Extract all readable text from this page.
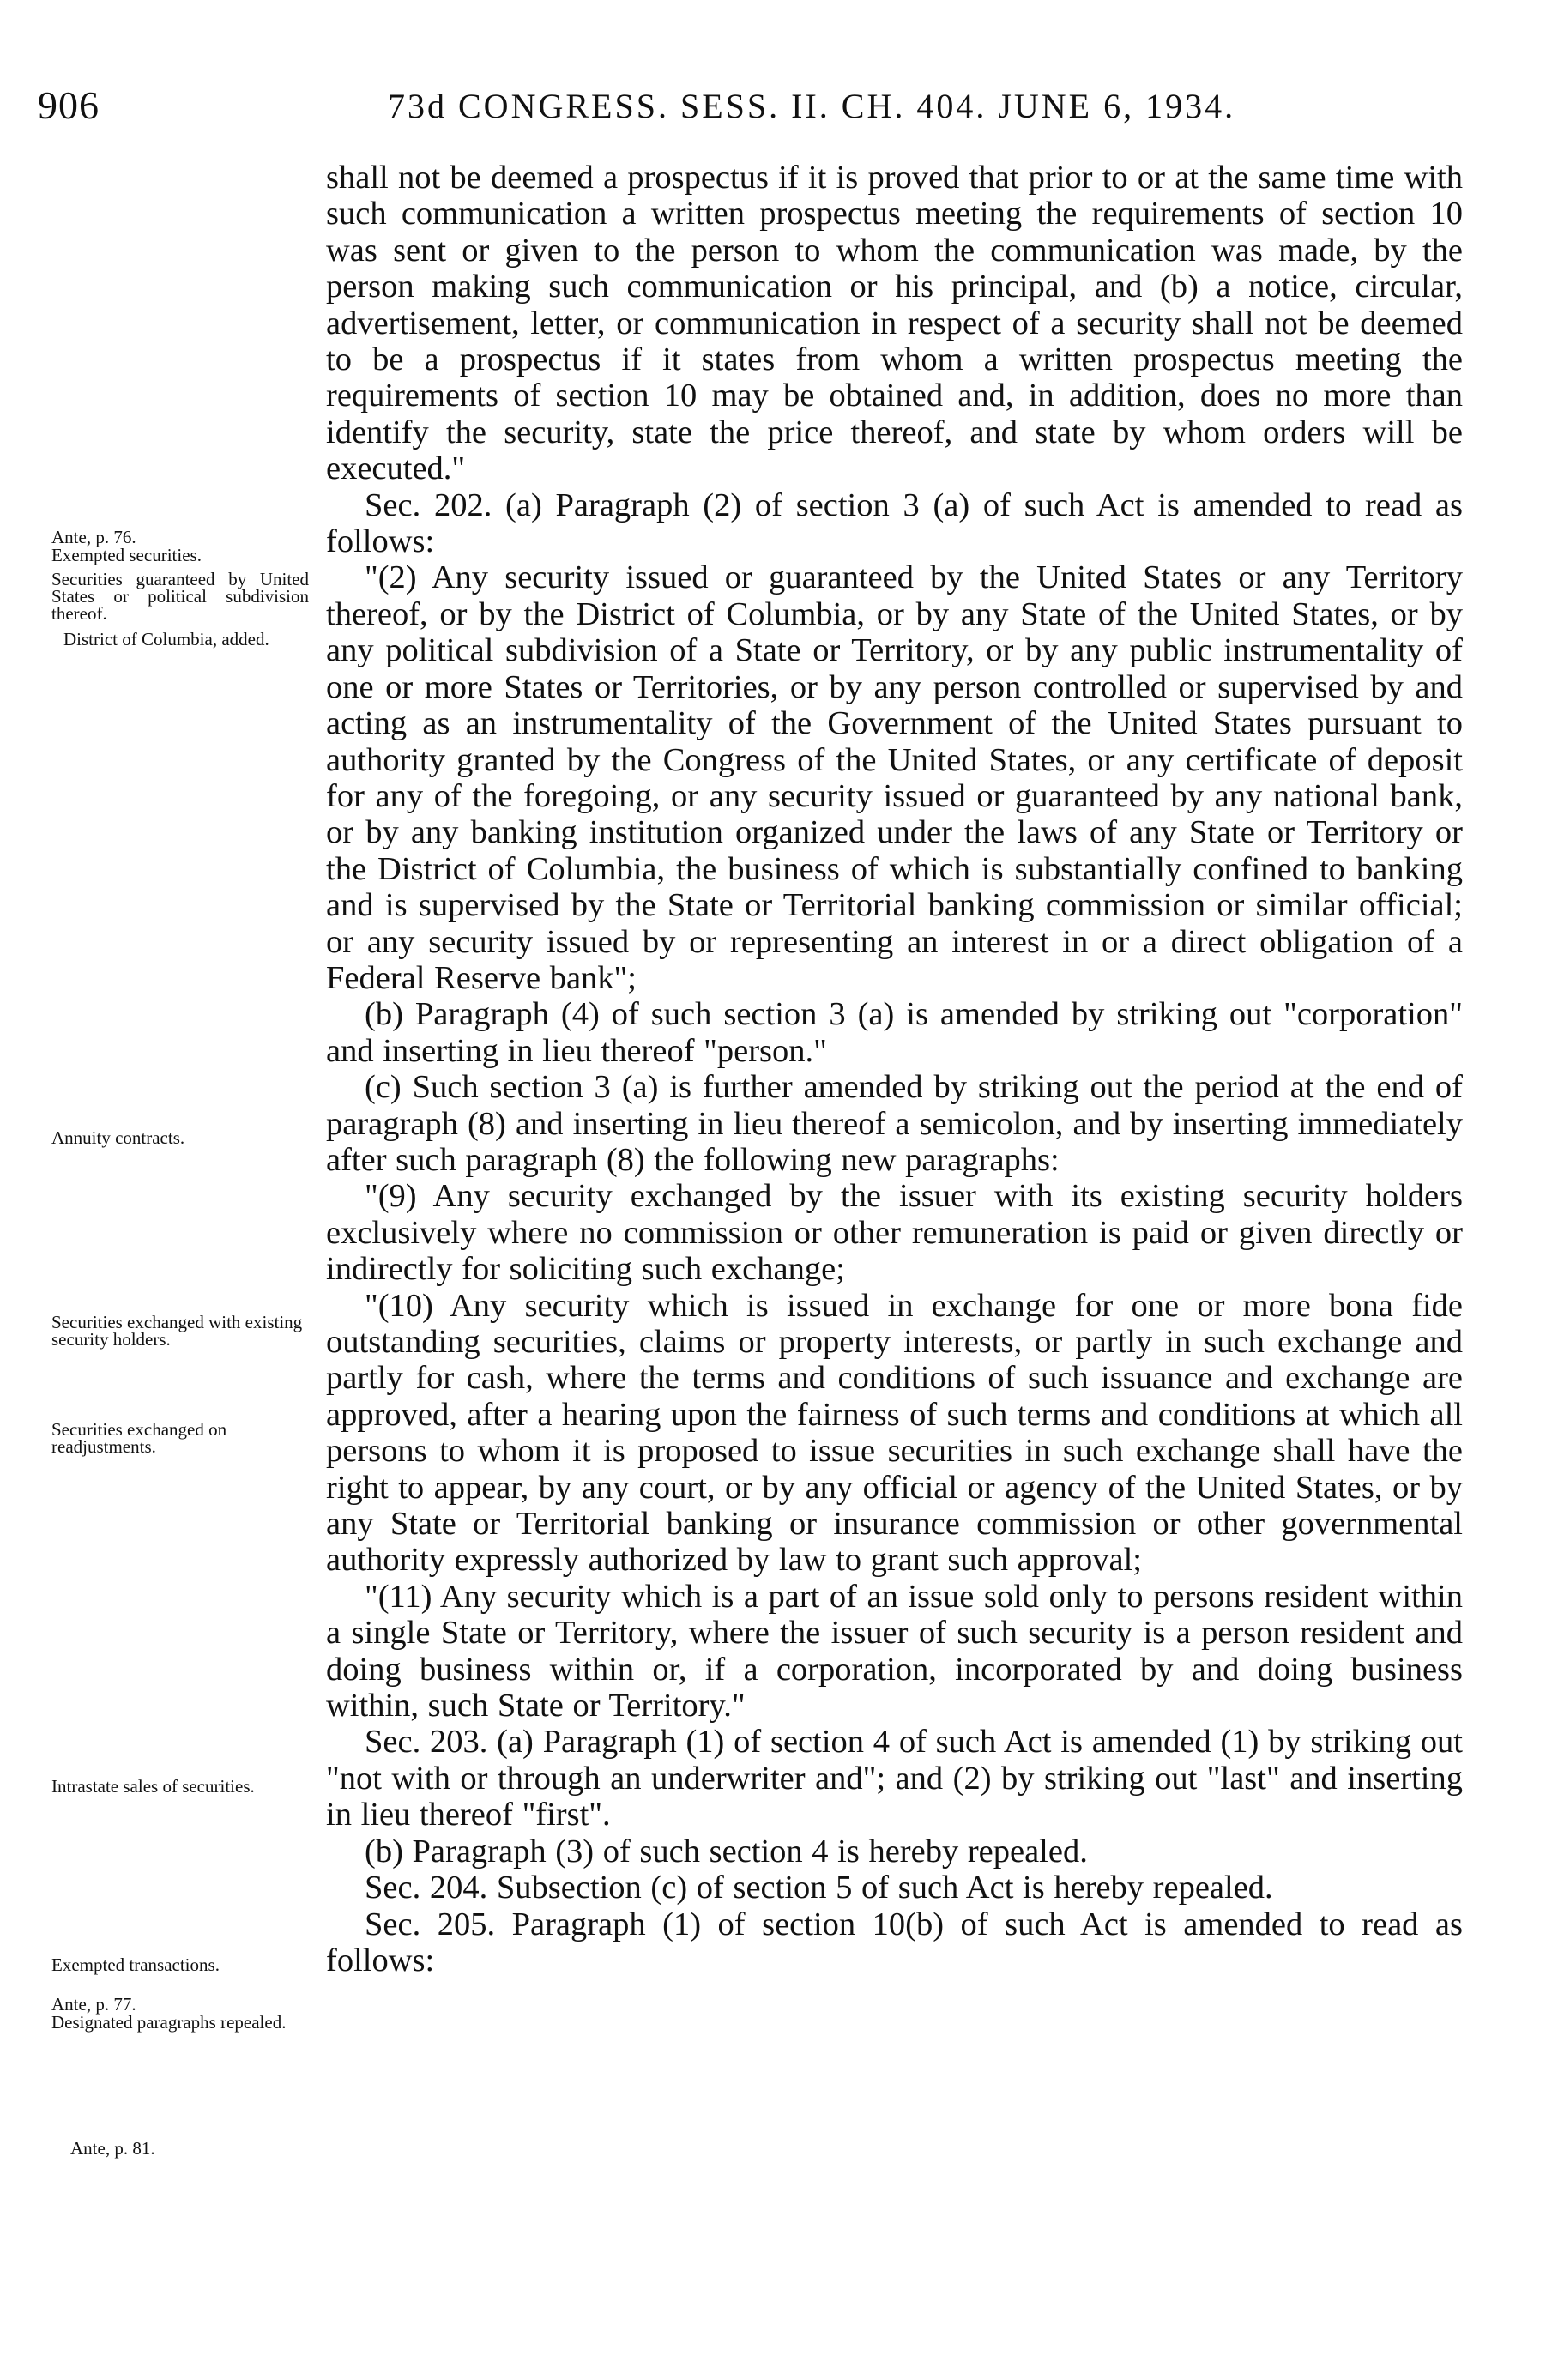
906	73d CONGRESS. SESS. II. CH. 404. JUNE 6, 1934.

shall not be deemed a prospectus if it is proved that prior to or at the same time with such communication a written prospectus meeting the requirements of section 10 was sent or given to the person to whom the communication was made, by the person making such communication or his principal, and (b) a notice, circular, advertisement, letter, or communication in respect of a security shall not be deemed to be a prospectus if it states from whom a written prospectus meeting the requirements of section 10 may be obtained and, in addition, does no more than identify the security, state the price thereof, and state by whom orders will be executed."

Sec. 202. (a) Paragraph (2) of section 3 (a) of such Act is amended to read as follows:

"(2) Any security issued or guaranteed by the United States or any Territory thereof, or by the District of Columbia, or by any State of the United States, or by any political subdivision of a State or Territory, or by any public instrumentality of one or more States or Territories, or by any person controlled or supervised by and acting as an instrumentality of the Government of the United States pursuant to authority granted by the Congress of the United States, or any certificate of deposit for any of the foregoing, or any security issued or guaranteed by any national bank, or by any banking institution organized under the laws of any State or Territory or the District of Columbia, the business of which is substantially confined to banking and is supervised by the State or Territorial banking commission or similar official; or any security issued by or representing an interest in or a direct obligation of a Federal Reserve bank";

(b) Paragraph (4) of such section 3 (a) is amended by striking out "corporation" and inserting in lieu thereof "person."

(c) Such section 3 (a) is further amended by striking out the period at the end of paragraph (8) and inserting in lieu thereof a semicolon, and by inserting immediately after such paragraph (8) the following new paragraphs:

"(9) Any security exchanged by the issuer with its existing security holders exclusively where no commission or other remuneration is paid or given directly or indirectly for soliciting such exchange;

"(10) Any security which is issued in exchange for one or more bona fide outstanding securities, claims or property interests, or partly in such exchange and partly for cash, where the terms and conditions of such issuance and exchange are approved, after a hearing upon the fairness of such terms and conditions at which all persons to whom it is proposed to issue securities in such exchange shall have the right to appear, by any court, or by any official or agency of the United States, or by any State or Territorial banking or insurance commission or other governmental authority expressly authorized by law to grant such approval;

"(11) Any security which is a part of an issue sold only to persons resident within a single State or Territory, where the issuer of such security is a person resident and doing business within or, if a corporation, incorporated by and doing business within, such State or Territory."

Sec. 203. (a) Paragraph (1) of section 4 of such Act is amended (1) by striking out "not with or through an underwriter and"; and (2) by striking out "last" and inserting in lieu thereof "first".

(b) Paragraph (3) of such section 4 is hereby repealed.

Sec. 204. Subsection (c) of section 5 of such Act is hereby repealed.

Sec. 205. Paragraph (1) of section 10(b) of such Act is amended to read as follows:

Ante, p. 76.
Exempted securities.
Securities guaranteed by United States or political subdivision thereof.
District of Columbia, added.
Annuity contracts.
Securities exchanged with existing security holders.
Securities exchanged on readjustments.
Intrastate sales of securities.
Exempted transactions.
Ante, p. 77.
Designated paragraphs repealed.
Ante, p. 81.
